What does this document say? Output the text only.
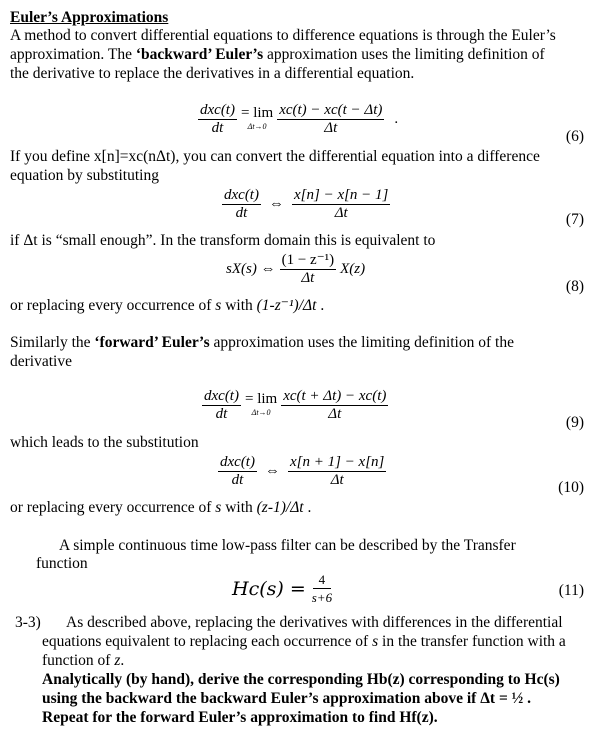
Euler’s Approximations
A method to convert differential equations to difference equations is through the Euler’s
approximation. The ‘backward’ Euler’s approximation uses the limiting definition of
the derivative to replace the derivatives in a differential equation.
$\frac{\text{dxc(t)}}{dt} = \lim$
$\Delta t\to 0 \frac{xc(t) - xc(t - \Delta t)}{\Delta t}$ .
(6)
If you define x[n]=xc(nΔt), you can convert the differential equation into a difference
equation by substituting
$\frac{\text{dxc(t)}}{dt}$ ⇔ $\frac{x[n] - x[n - 1]}{\Delta t}$	(7)
if Δt is “small enough”. In the transform domain this is equivalent to
sX(s) ⇔ $\frac{\text{(1 − z⁻¹)}}{\Delta t} X(z)$
(8)
or replacing every occurrence of s with (1-z⁻¹)/Δt .
Similarly the ‘forward’ Euler’s approximation uses the limiting definition of the
derivative
$\frac{\text{dxc(t)}}{dt} = \lim$
$\Delta t\to 0 \frac{xc(t + \Delta t) - xc(t)}{\Delta t}$	(9)
which leads to the substitution
$\frac{\text{dxc(t)}}{dt}$ ⇔ $\frac{x[n + 1] - x[n]}{\Delta t}$	(10)
or replacing every occurrence of s with (z-1)/Δt .
A simple continuous time low-pass filter can be described by the Transfer
function
$Hc(s) = \frac{4}{s+6}$	(11)
3-3) As described above, replacing the derivatives with differences in the differential
equations equivalent to replacing each occurrence of s in the transfer function with a
function of z.
Analytically (by hand), derive the corresponding Hb(z) corresponding to Hc(s)
using the backward the backward Euler’s approximation above if Δt = ½ .
Repeat for the forward Euler’s approximation to find Hf(z).
